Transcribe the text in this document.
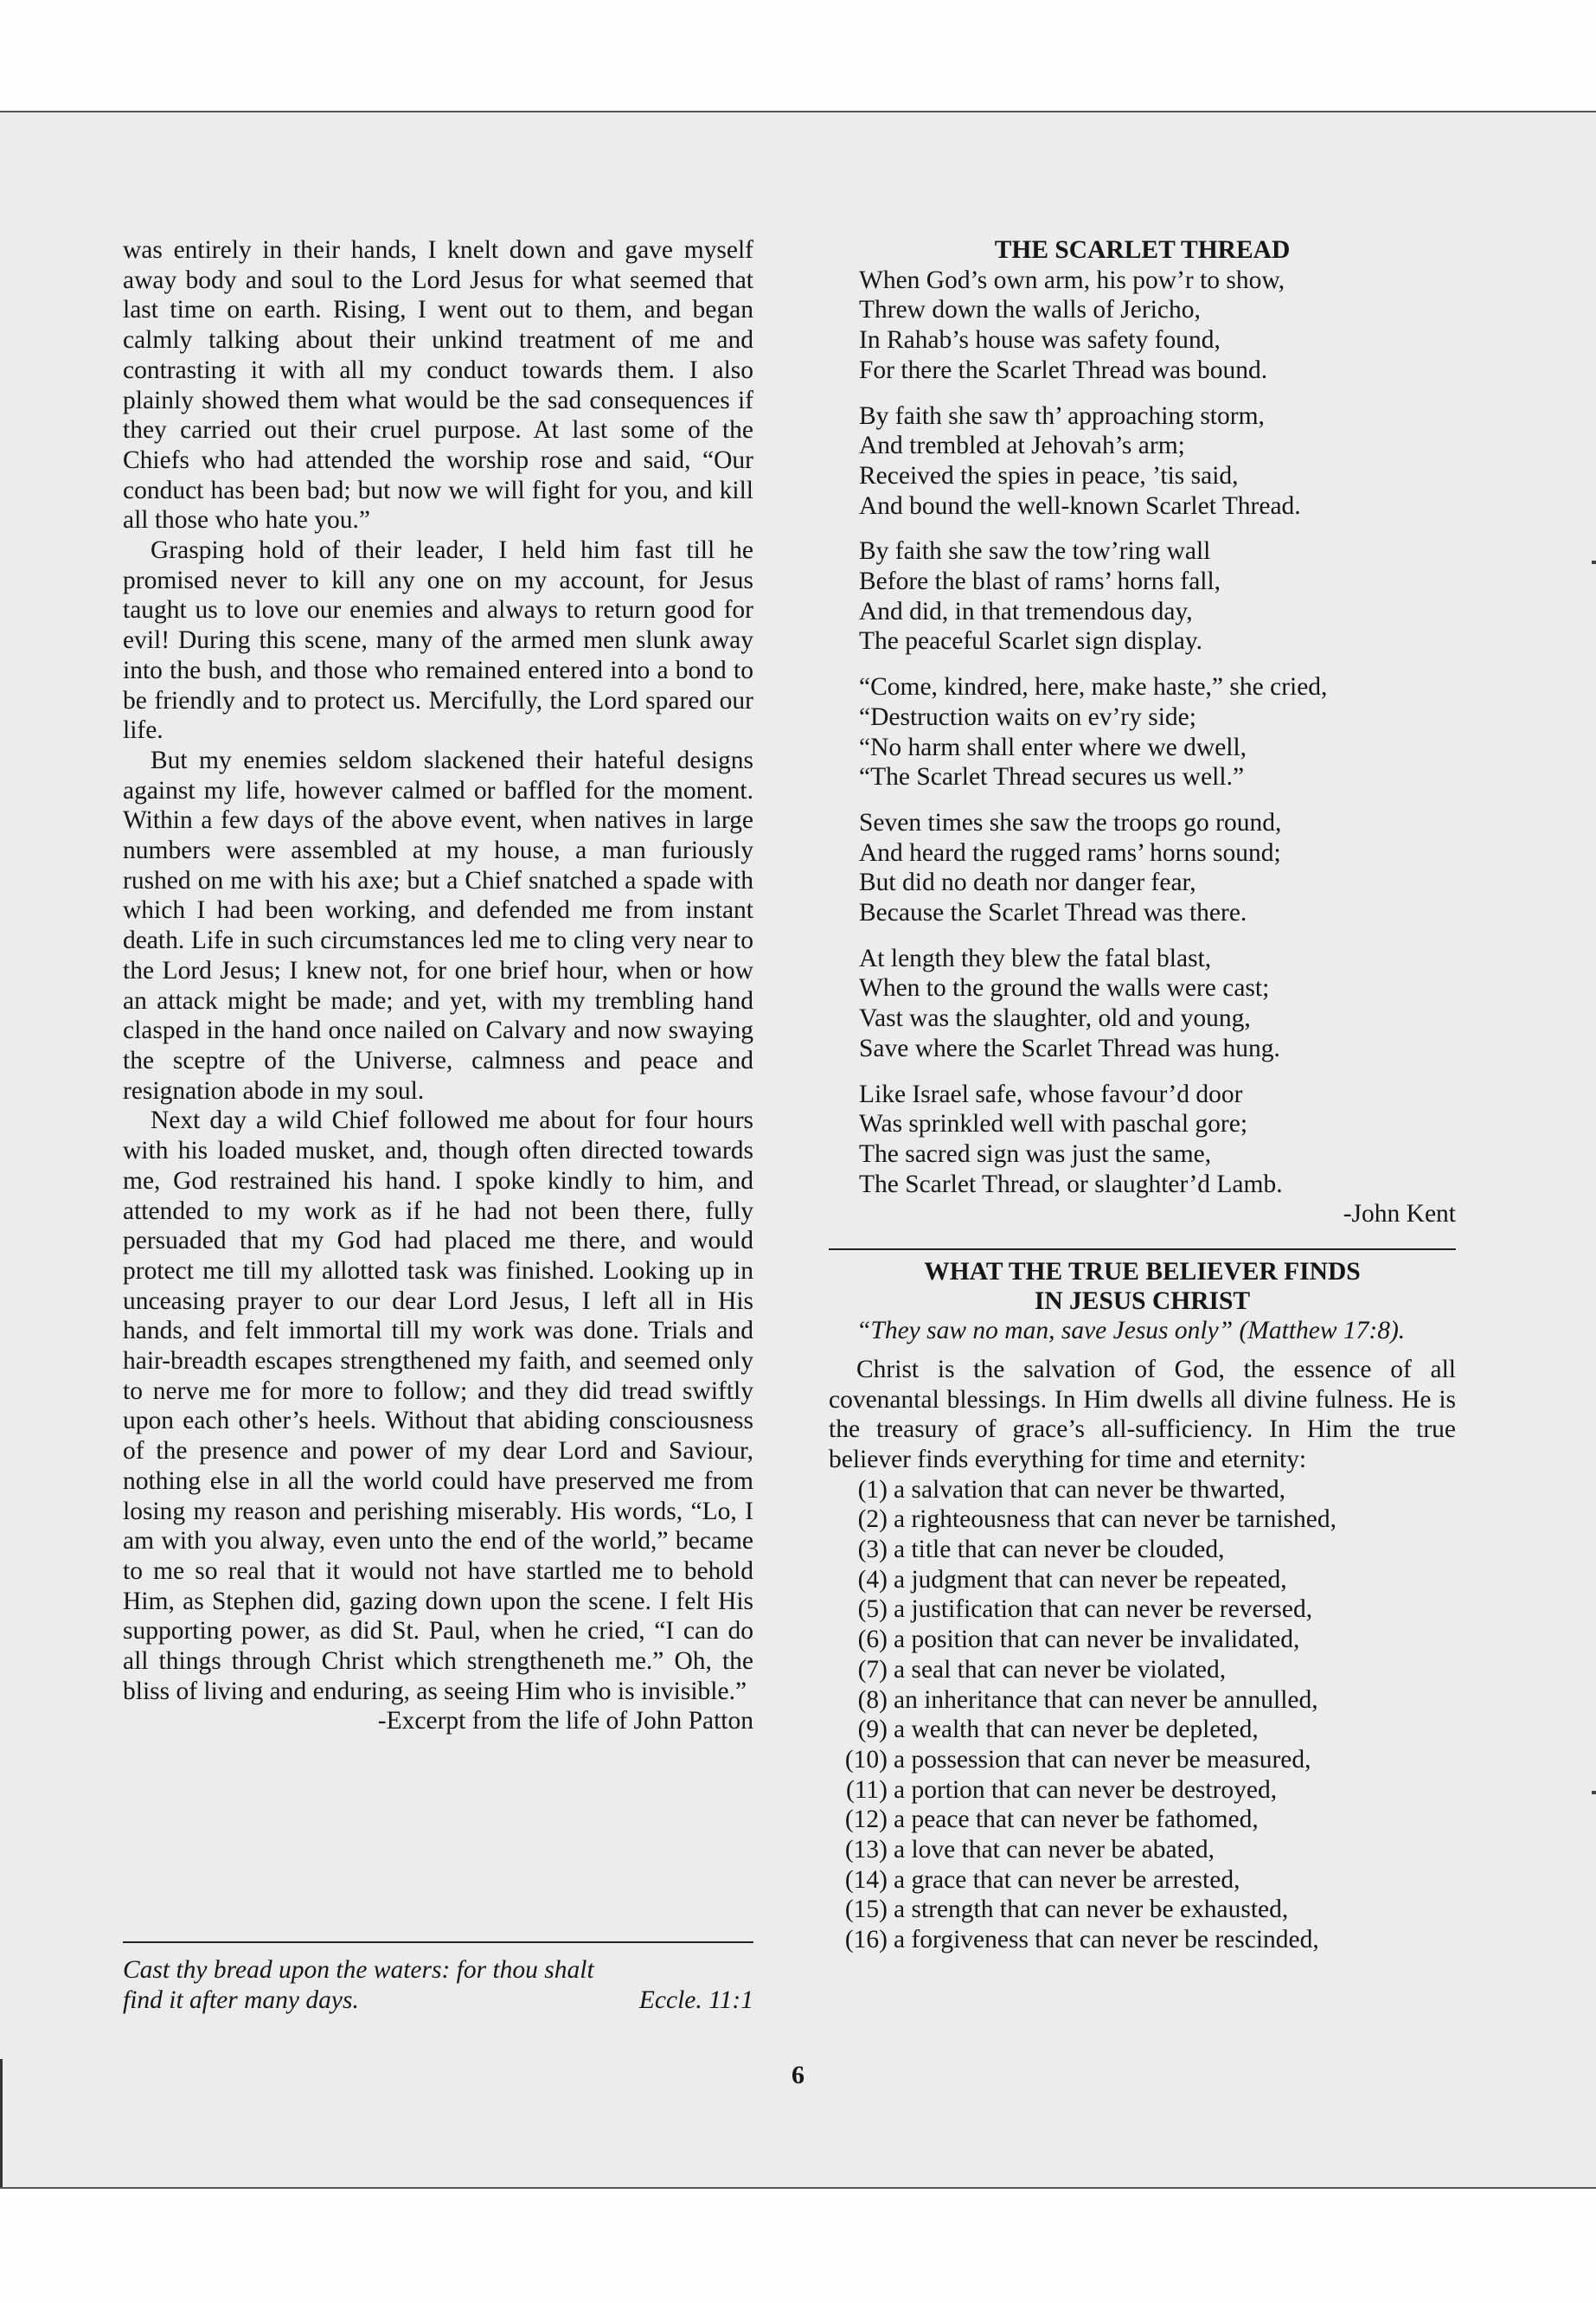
was entirely in their hands, I knelt down and gave myself away body and soul to the Lord Jesus for what seemed that last time on earth. Rising, I went out to them, and began calmly talking about their unkind treatment of me and contrasting it with all my conduct towards them. I also plainly showed them what would be the sad consequences if they carried out their cruel purpose. At last some of the Chiefs who had attended the worship rose and said, “Our conduct has been bad; but now we will fight for you, and kill all those who hate you.”

Grasping hold of their leader, I held him fast till he promised never to kill any one on my account, for Jesus taught us to love our enemies and always to return good for evil! During this scene, many of the armed men slunk away into the bush, and those who remained entered into a bond to be friendly and to protect us. Mercifully, the Lord spared our life.

But my enemies seldom slackened their hateful designs against my life, however calmed or baffled for the moment. Within a few days of the above event, when natives in large numbers were assembled at my house, a man furiously rushed on me with his axe; but a Chief snatched a spade with which I had been working, and defended me from instant death. Life in such circumstances led me to cling very near to the Lord Jesus; I knew not, for one brief hour, when or how an attack might be made; and yet, with my trembling hand clasped in the hand once nailed on Calvary and now swaying the sceptre of the Universe, calmness and peace and resignation abode in my soul.

Next day a wild Chief followed me about for four hours with his loaded musket, and, though often directed towards me, God restrained his hand. I spoke kindly to him, and attended to my work as if he had not been there, fully persuaded that my God had placed me there, and would protect me till my allotted task was finished. Looking up in unceasing prayer to our dear Lord Jesus, I left all in His hands, and felt immortal till my work was done. Trials and hair-breadth escapes strengthened my faith, and seemed only to nerve me for more to follow; and they did tread swiftly upon each other’s heels. Without that abiding consciousness of the presence and power of my dear Lord and Saviour, nothing else in all the world could have preserved me from losing my reason and perishing miserably. His words, “Lo, I am with you alway, even unto the end of the world,” became to me so real that it would not have startled me to behold Him, as Stephen did, gazing down upon the scene. I felt His supporting power, as did St. Paul, when he cried, “I can do all things through Christ which strengtheneth me.” Oh, the bliss of living and enduring, as seeing Him who is invisible.”

-Excerpt from the life of John Patton

Cast thy bread upon the waters: for thou shalt
find it after many days.	Eccle. 11:1

THE SCARLET THREAD

When God’s own arm, his pow’r to show,
Threw down the walls of Jericho,
In Rahab’s house was safety found,
For there the Scarlet Thread was bound.
By faith she saw th’ approaching storm,
And trembled at Jehovah’s arm;
Received the spies in peace, ’tis said,
And bound the well-known Scarlet Thread.
By faith she saw the tow’ring wall
Before the blast of rams’ horns fall,
And did, in that tremendous day,
The peaceful Scarlet sign display.
“Come, kindred, here, make haste,” she cried,
“Destruction waits on ev’ry side;
“No harm shall enter where we dwell,
“The Scarlet Thread secures us well.”
Seven times she saw the troops go round,
And heard the rugged rams’ horns sound;
But did no death nor danger fear,
Because the Scarlet Thread was there.
At length they blew the fatal blast,
When to the ground the walls were cast;
Vast was the slaughter, old and young,
Save where the Scarlet Thread was hung.
Like Israel safe, whose favour’d door
Was sprinkled well with paschal gore;
The sacred sign was just the same,
The Scarlet Thread, or slaughter’d Lamb.

-John Kent

WHAT THE TRUE BELIEVER FINDS

IN JESUS CHRIST

“They saw no man, save Jesus only” (Matthew 17:8).

Christ is the salvation of God, the essence of all covenantal blessings. In Him dwells all divine fulness. He is the treasury of grace’s all-sufficiency. In Him the true believer finds everything for time and eternity:

(1) a salvation that can never be thwarted,
(2) a righteousness that can never be tarnished,
(3) a title that can never be clouded,
(4) a judgment that can never be repeated,
(5) a justification that can never be reversed,
(6) a position that can never be invalidated,
(7) a seal that can never be violated,
(8) an inheritance that can never be annulled,
(9) a wealth that can never be depleted,
(10) a possession that can never be measured,
(11) a portion that can never be destroyed,
(12) a peace that can never be fathomed,
(13) a love that can never be abated,
(14) a grace that can never be arrested,
(15) a strength that can never be exhausted,
(16) a forgiveness that can never be rescinded,
6
